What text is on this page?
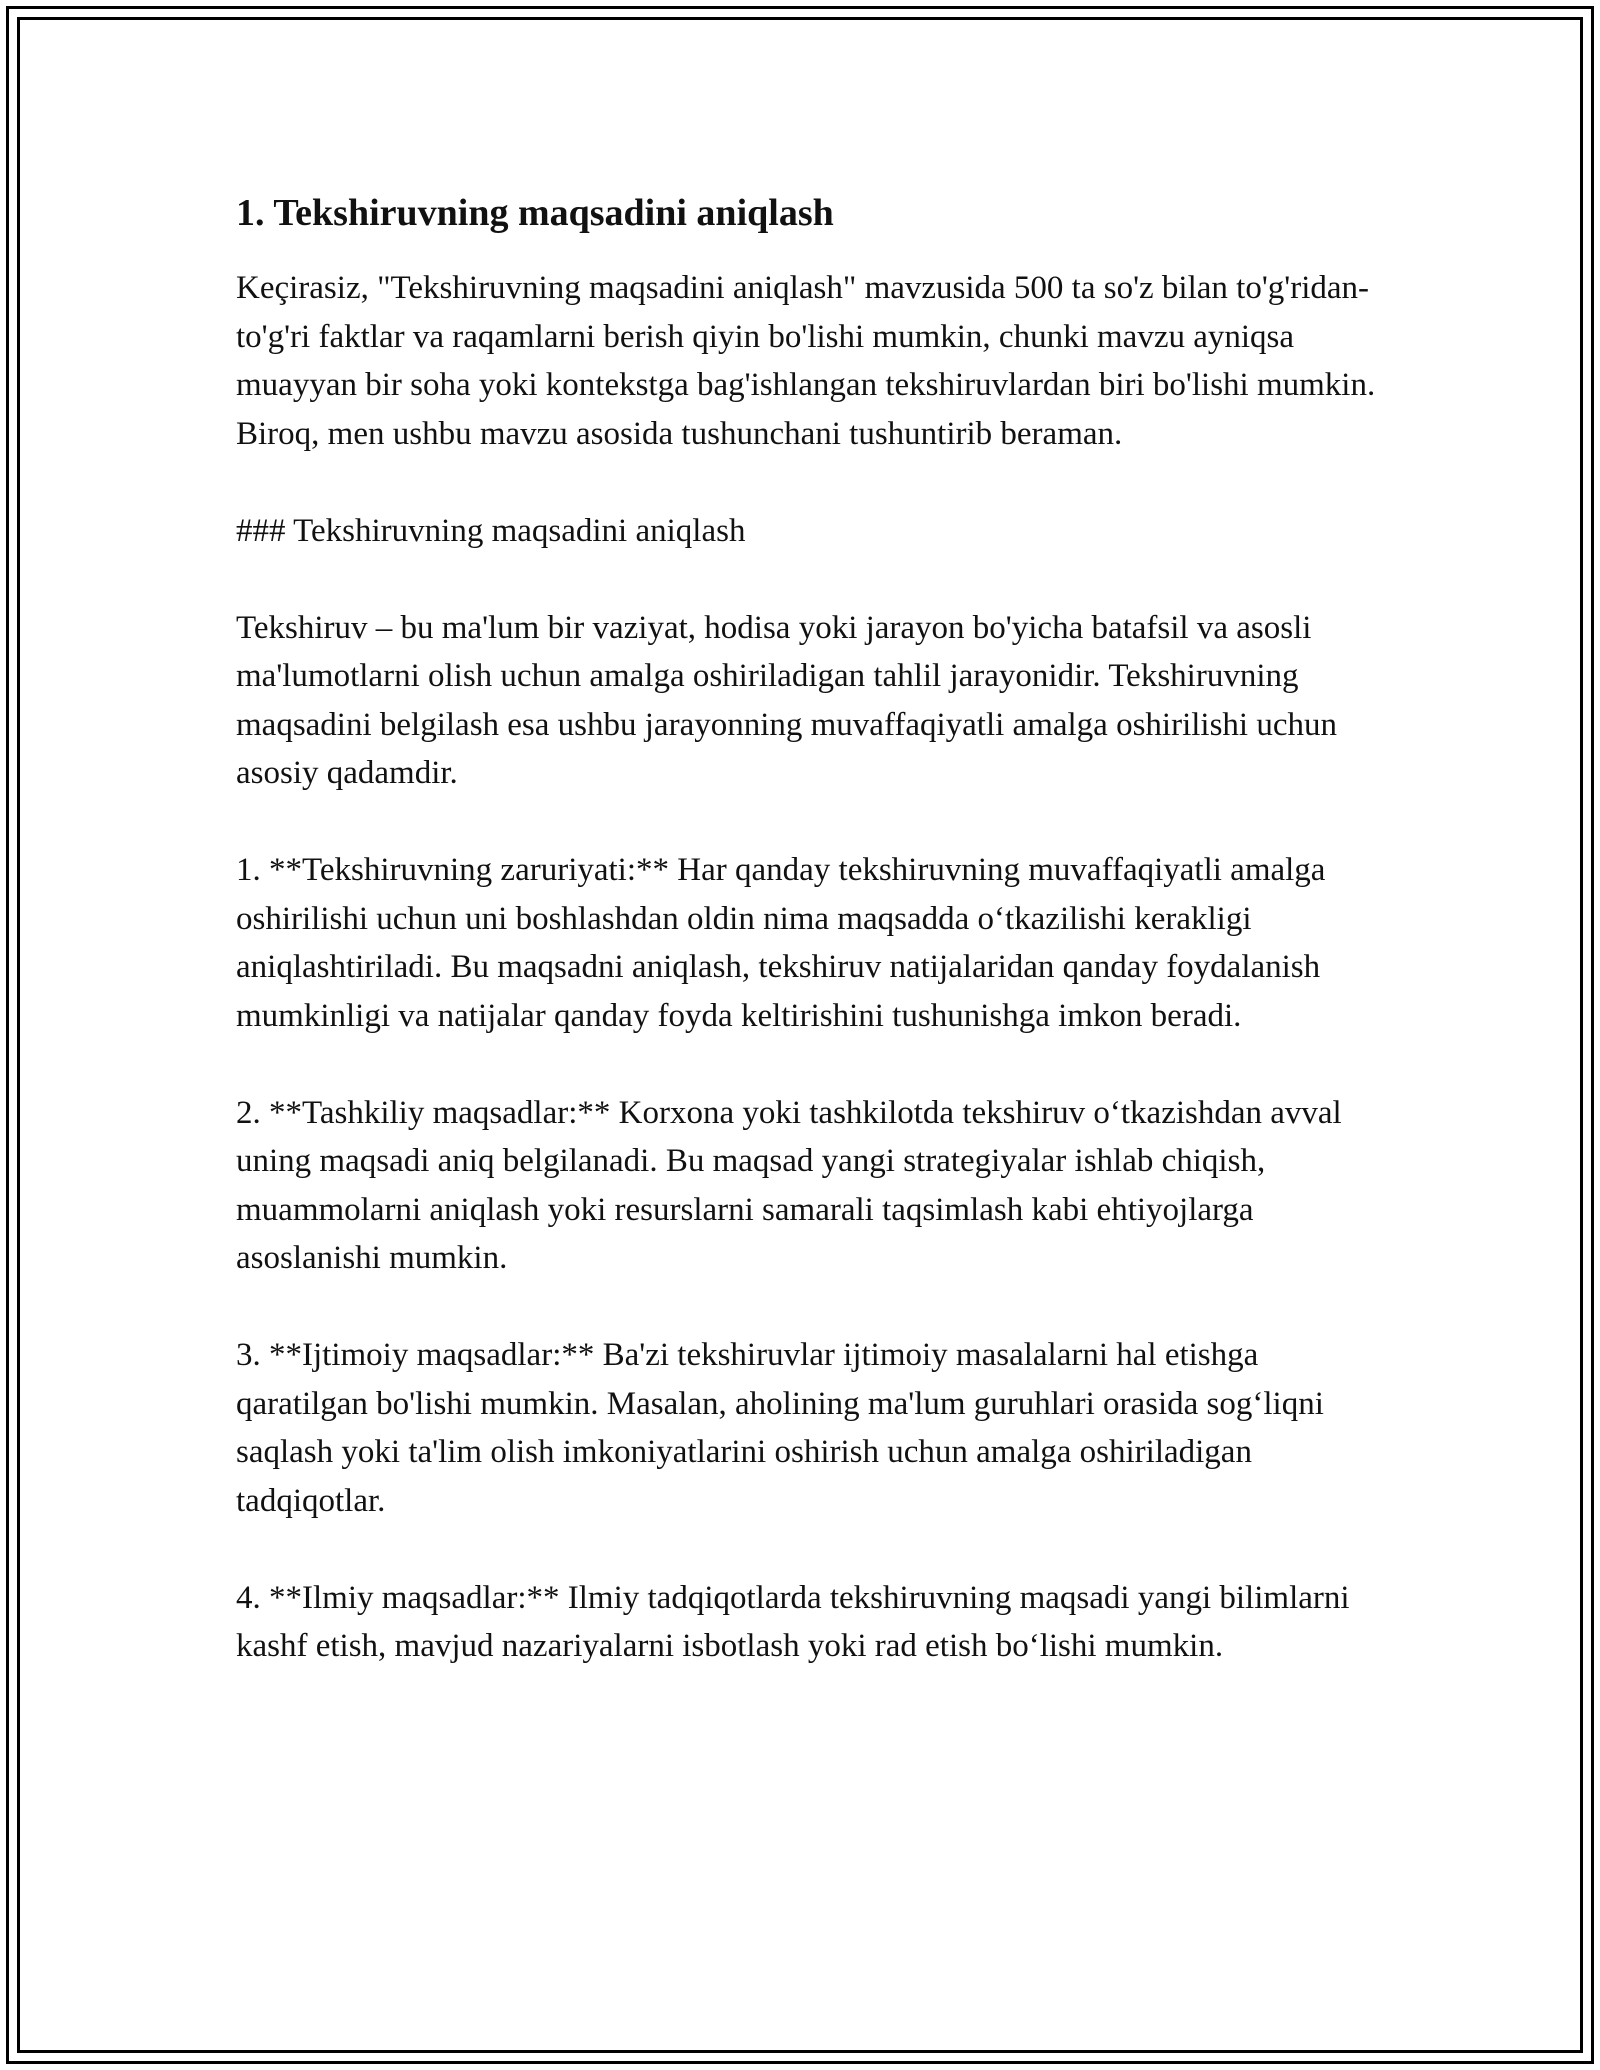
1. Tekshiruvning maqsadini aniqlash

Keçirasiz, "Tekshiruvning maqsadini aniqlash" mavzusida 500 ta so'z bilan to'g'ridan-to'g'ri faktlar va raqamlarni berish qiyin bo'lishi mumkin, chunki mavzu ayniqsa muayyan bir soha yoki kontekstga bag'ishlangan tekshiruvlardan biri bo'lishi mumkin. Biroq, men ushbu mavzu asosida tushunchani tushuntirib beraman.

### Tekshiruvning maqsadini aniqlash

Tekshiruv – bu ma'lum bir vaziyat, hodisa yoki jarayon bo'yicha batafsil va asosli ma'lumotlarni olish uchun amalga oshiriladigan tahlil jarayonidir. Tekshiruvning maqsadini belgilash esa ushbu jarayonning muvaffaqiyatli amalga oshirilishi uchun asosiy qadamdir.

1. **Tekshiruvning zaruriyati:** Har qanday tekshiruvning muvaffaqiyatli amalga oshirilishi uchun uni boshlashdan oldin nima maqsadda o‘tkazilishi kerakligi aniqlashtiriladi. Bu maqsadni aniqlash, tekshiruv natijalaridan qanday foydalanish mumkinligi va natijalar qanday foyda keltirishini tushunishga imkon beradi.

2. **Tashkiliy maqsadlar:** Korxona yoki tashkilotda tekshiruv o‘tkazishdan avval uning maqsadi aniq belgilanadi. Bu maqsad yangi strategiyalar ishlab chiqish, muammolarni aniqlash yoki resurslarni samarali taqsimlash kabi ehtiyojlarga asoslanishi mumkin.

3. **Ijtimoiy maqsadlar:** Ba'zi tekshiruvlar ijtimoiy masalalarni hal etishga qaratilgan bo'lishi mumkin. Masalan, aholining ma'lum guruhlari orasida sog‘liqni saqlash yoki ta'lim olish imkoniyatlarini oshirish uchun amalga oshiriladigan tadqiqotlar.

4. **Ilmiy maqsadlar:** Ilmiy tadqiqotlarda tekshiruvning maqsadi yangi bilimlarni kashf etish, mavjud nazariyalarni isbotlash yoki rad etish bo‘lishi mumkin.
